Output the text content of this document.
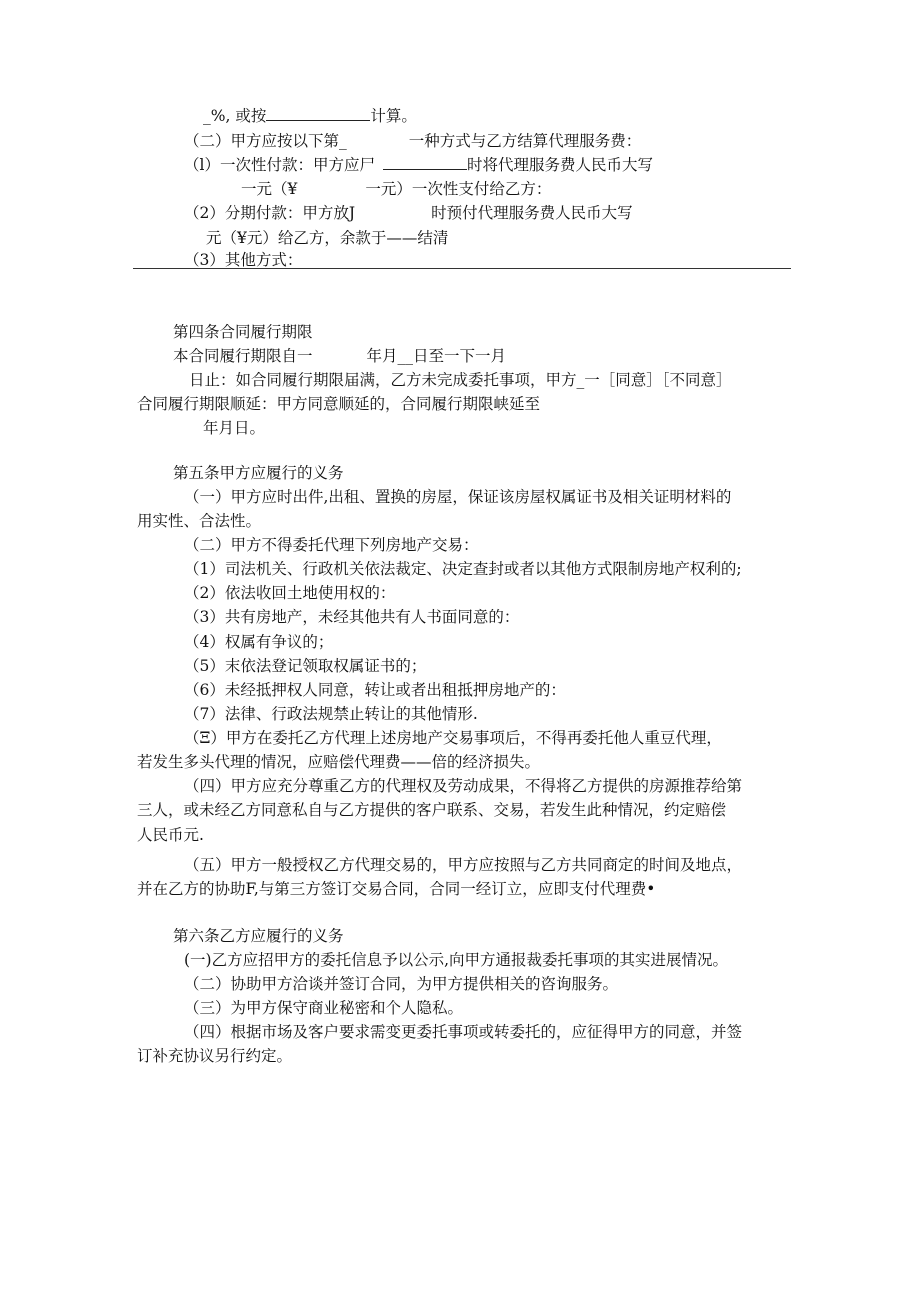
_%, 或按	计算。
（二）甲方应按以下第_	一种方式与乙方结算代理服务费：
（l）一次性付款：甲方应尸	时将代理服务费人民币大写
一元（¥	一元）一次性支付给乙方：
（2）分期付款：甲方放J	时预付代理服务费人民币大写
元（¥元）给乙方，余款于——结清
（3）其他方式：
第四条合同履行期限
本合同履行期限自一	年月__日至一下一月
日止：如合同履行期限届满，乙方未完成委托事项，甲方_一［同意］［不同意］
合同履行期限顺延：甲方同意顺延的，合同履行期限峡延至
年月日。
第五条甲方应履行的义务
（一）甲方应时出件,出租、置换的房屋，保证该房屋权属证书及相关证明材料的
用实性、合法性。
（二）甲方不得委托代理下列房地产交易：
（1）司法机关、行政机关依法裁定、决定查封或者以其他方式限制房地产权利的;
（2）依法收回土地使用权的：
（3）共有房地产，未经其他共有人书面同意的：
（4）权属有争议的；
（5）末依法登记领取权属证书的；
（6）未经抵押权人同意，转让或者出租抵押房地产的：
（7）法律、行政法规禁止转让的其他情形.
（Ξ）甲方在委托乙方代理上述房地产交易事项后，不得再委托他人重豆代理，
若发生多头代理的情况，应赔偿代理费——倍的经济损失。
（四）甲方应充分尊重乙方的代理权及劳动成果，不得将乙方提供的房源推荐给第
三人，或未经乙方同意私自与乙方提供的客户联系、交易，若发生此种情况，约定赔偿
人民币元.
（五）甲方一般授权乙方代理交易的，甲方应按照与乙方共同商定的时间及地点，
并在乙方的协助F,与第三方签订交易合同，合同一经订立，应即支付代理费•
第六条乙方应履行的义务
(一)乙方应招甲方的委托信息予以公示,向甲方通报裁委托事项的其实进展情况。
（二）协助甲方洽谈并签订合同，为甲方提供相关的咨询服务。
（三）为甲方保守商业秘密和个人隐私。
（四）根据市场及客户要求需变更委托事项或转委托的，应征得甲方的同意，并签
订补充协议另行约定。
